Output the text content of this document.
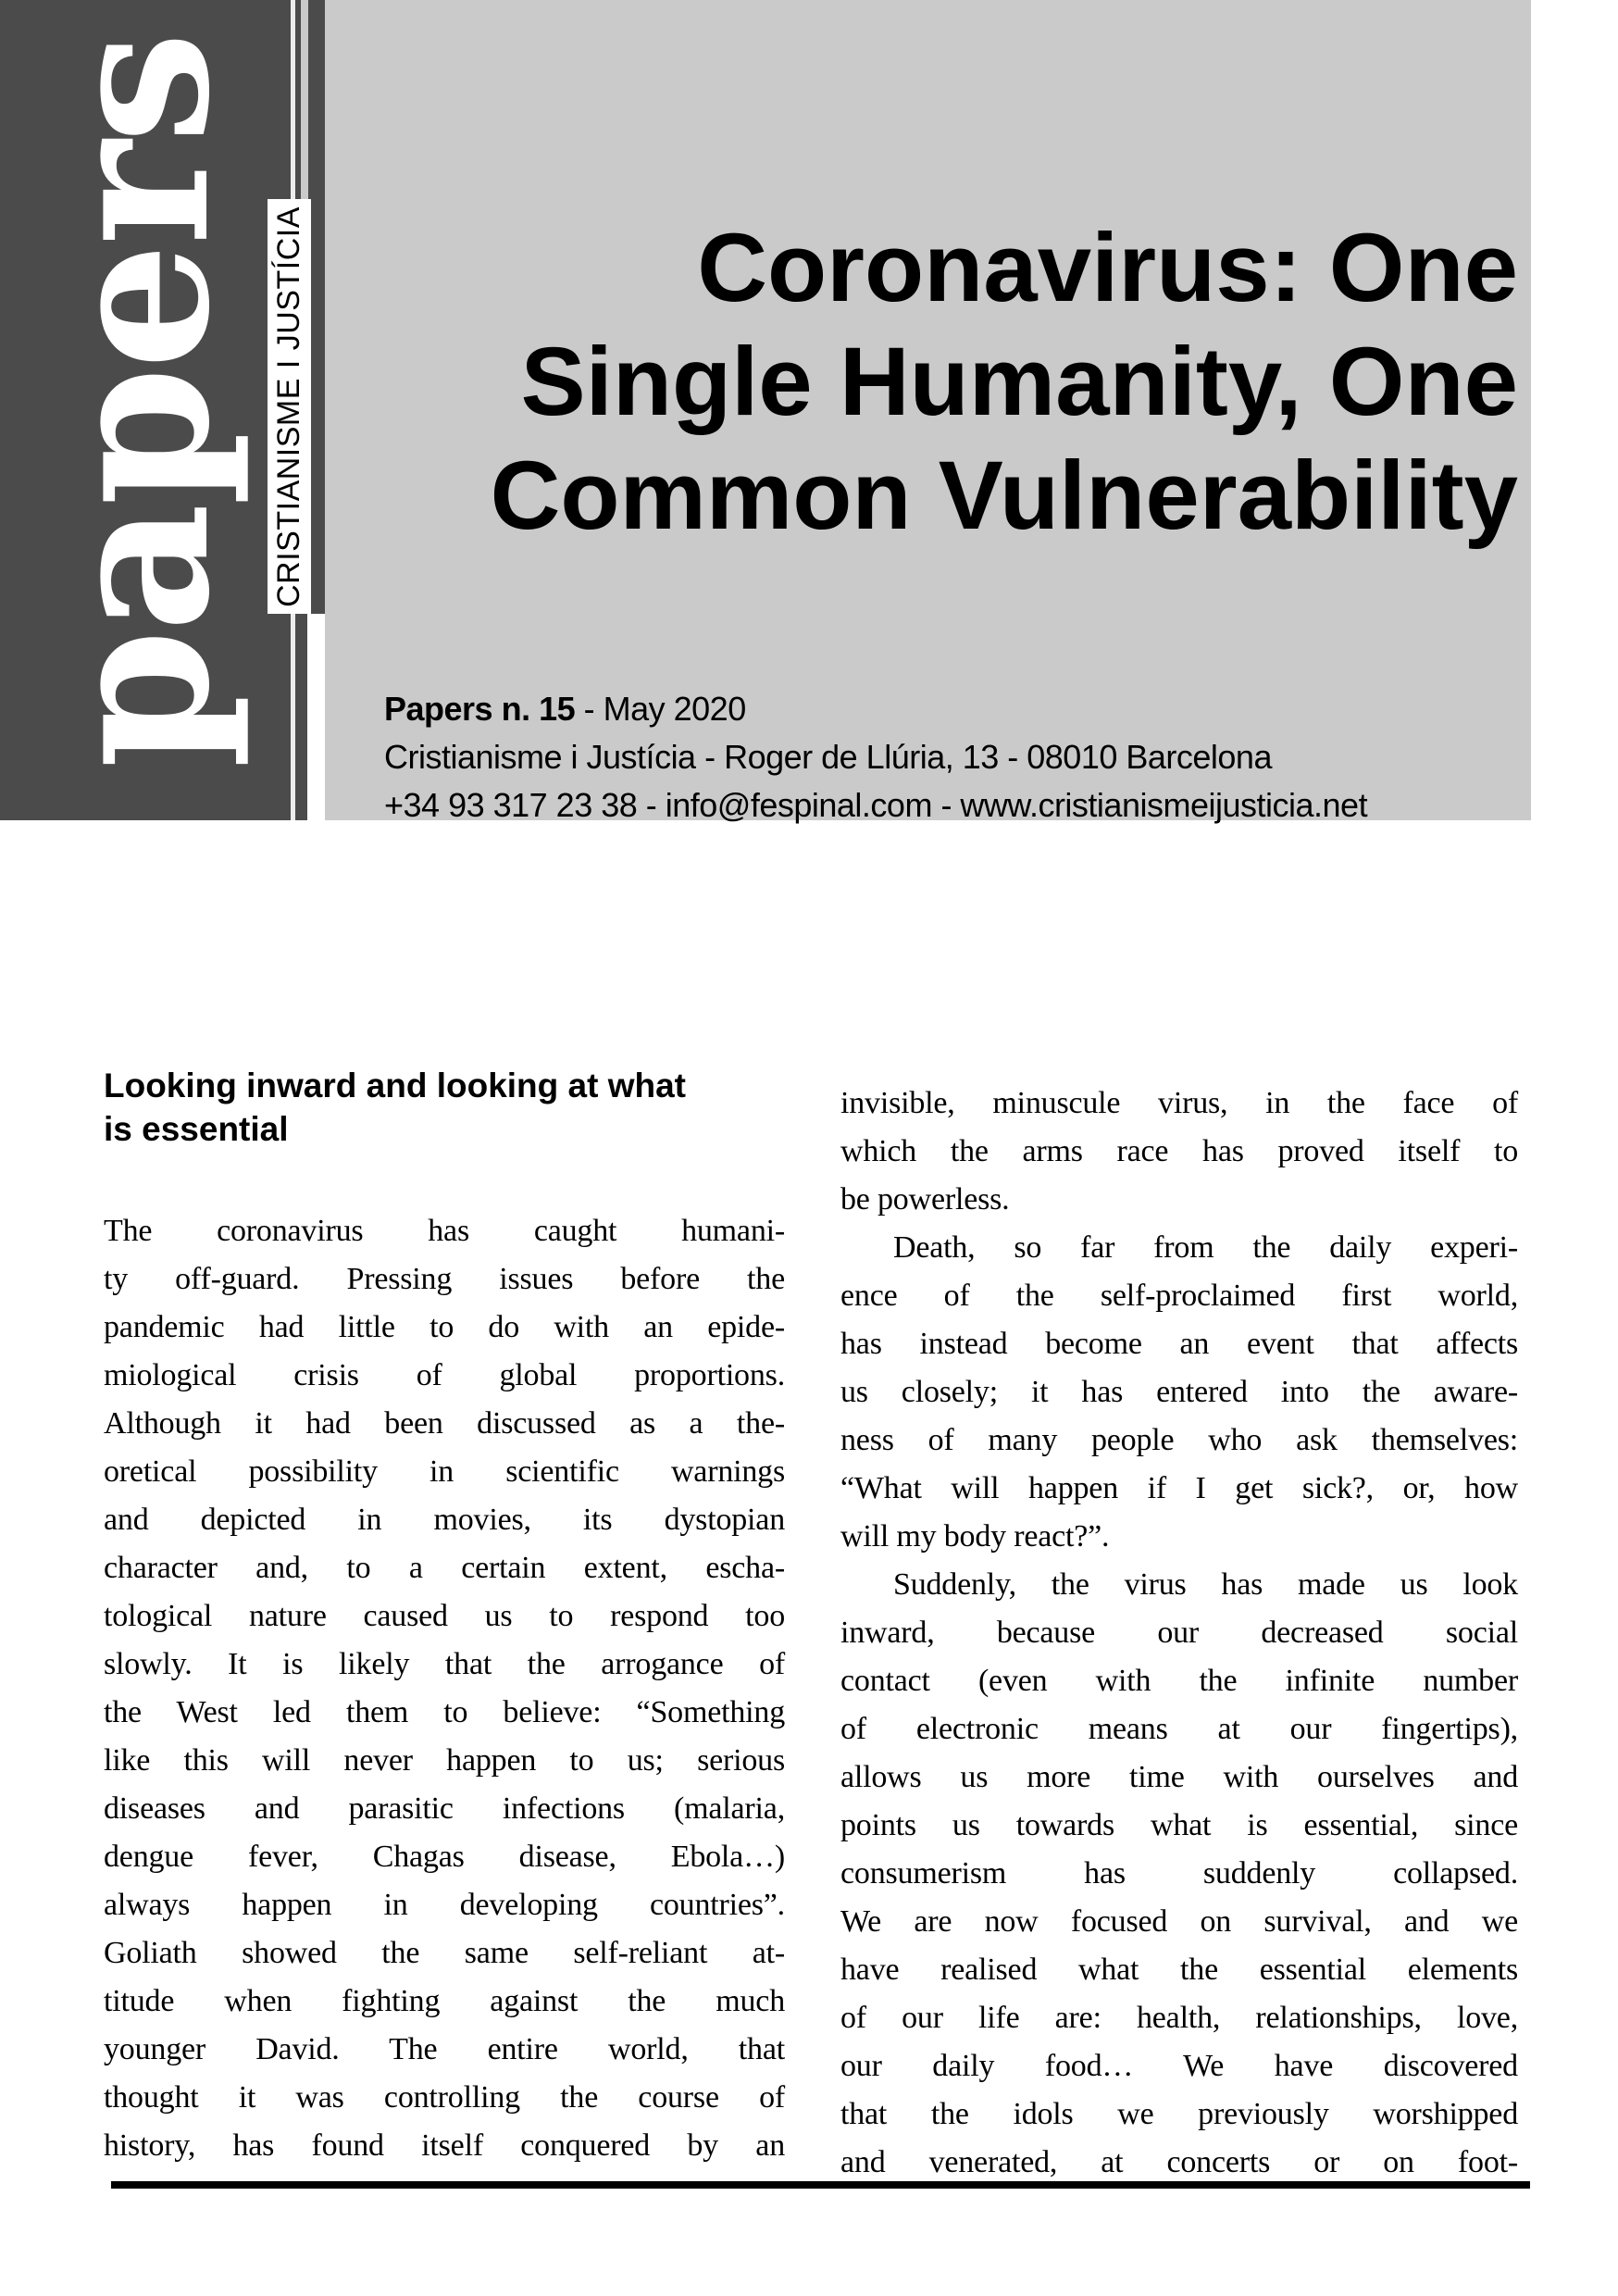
papers CRISTIANISME I JUSTÍCIA	Coronavirus: One
Single Humanity, One
Common Vulnerability
Papers n. 15 - May 2020
Cristianisme i Justícia - Roger de Llúria, 13 - 08010 Barcelona
+34 93 317 23 38 - info@fespinal.com - www.cristianismeijusticia.net
Looking inward and looking at what
is essential
The coronavirus has caught humani-
ty off-guard. Pressing issues before the
pandemic had little to do with an epide-
miological crisis of global proportions.
Although it had been discussed as a the-
oretical possibility in scientific warnings
and depicted in movies, its dystopian
character and, to a certain extent, escha-
tological nature caused us to respond too
slowly. It is likely that the arrogance of
the West led them to believe: “Something
like this will never happen to us; serious
diseases and parasitic infections (malaria,
dengue fever, Chagas disease, Ebola…)
always happen in developing countries”.
Goliath showed the same self-reliant at-
titude when fighting against the much
younger David. The entire world, that
thought it was controlling the course of
history, has found itself conquered by an
invisible, minuscule virus, in the face of
which the arms race has proved itself to
be powerless.
Death, so far from the daily experi-
ence of the self-proclaimed first world,
has instead become an event that affects
us closely; it has entered into the aware-
ness of many people who ask themselves:
“What will happen if I get sick?, or, how
will my body react?”.
Suddenly, the virus has made us look
inward, because our decreased social
contact (even with the infinite number
of electronic means at our fingertips),
allows us more time with ourselves and
points us towards what is essential, since
consumerism has suddenly collapsed.
We are now focused on survival, and we
have realised what the essential elements
of our life are: health, relationships, love,
our daily food… We have discovered
that the idols we previously worshipped
and venerated, at concerts or on foot-
